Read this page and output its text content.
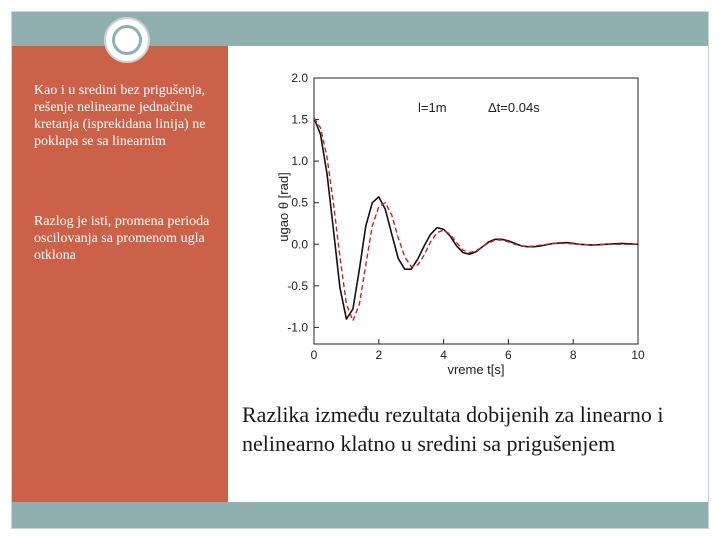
Kao i u sredini bez prigušenja, rešenje nelinearne jednačine kretanja (isprekidana linija) ne poklapa se sa linearnim
Razlog je isti, promena perioda oscilovanja sa promenom ugla otklona
0	2	4	6	8	10
2.0
1.5
1.0
0.5
0.0
-0.5
-1.0
l=1m	Δt=0.04s
vreme t[s]
ugao θ [rad]
Razlika između rezultata dobijenih za linearno i nelinearno klatno u sredini sa prigušenjem
